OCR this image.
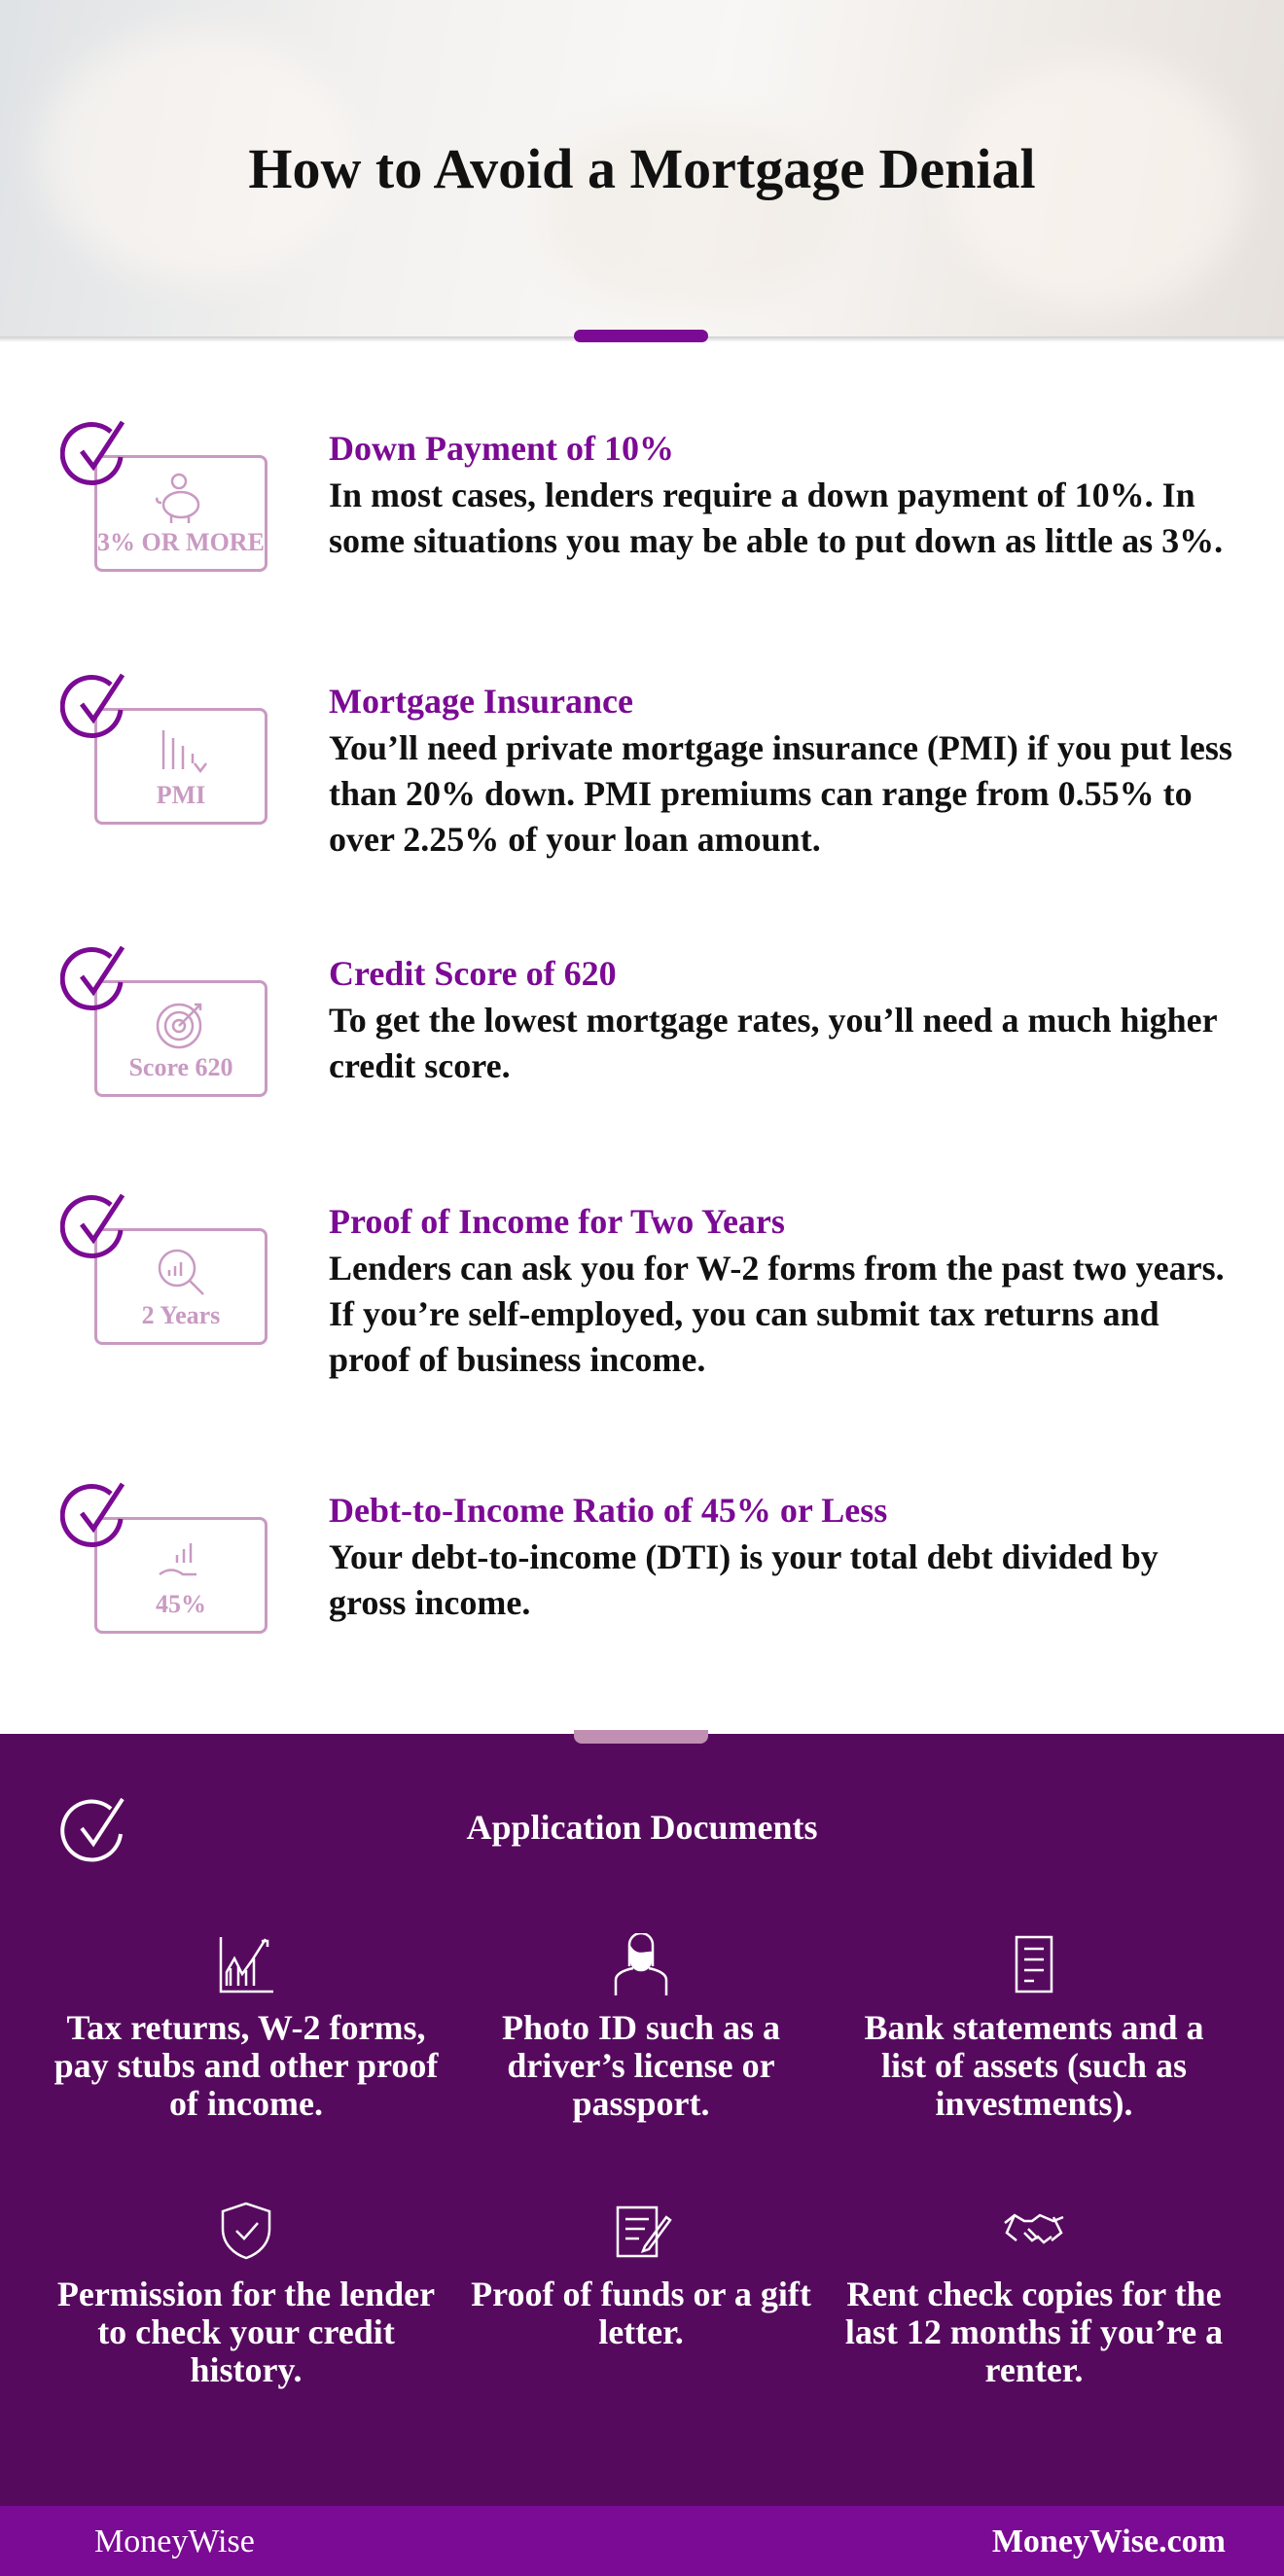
How to Avoid a Mortgage Denial
3% OR MORE
Down Payment of 10%
In most cases, lenders require a down payment of 10%. In some situations you may be able to put down as little as 3%.
PMI
Mortgage Insurance
You’ll need private mortgage insurance (PMI) if you put less than 20% down. PMI premiums can range from 0.55% to over 2.25% of your loan amount.
Score 620
Credit Score of 620
To get the lowest mortgage rates, you’ll need a much higher credit score.
2 Years
Proof of Income for Two Years
Lenders can ask you for W-2 forms from the past two years. If you’re self-employed, you can submit tax returns and proof of business income.
45%
Debt-to-Income Ratio of 45% or Less
Your debt-to-income (DTI) is your total debt divided by gross income.
Application Documents
Tax returns, W-2 forms, pay stubs and other proof of income.
Photo ID such as a driver’s license or passport.
Bank statements and a list of assets (such as investments).
Permission for the lender to check your credit history.
Proof of funds or a gift letter.
Rent check copies for the last 12 months if you’re a renter.
MoneyWise	MoneyWise.com
